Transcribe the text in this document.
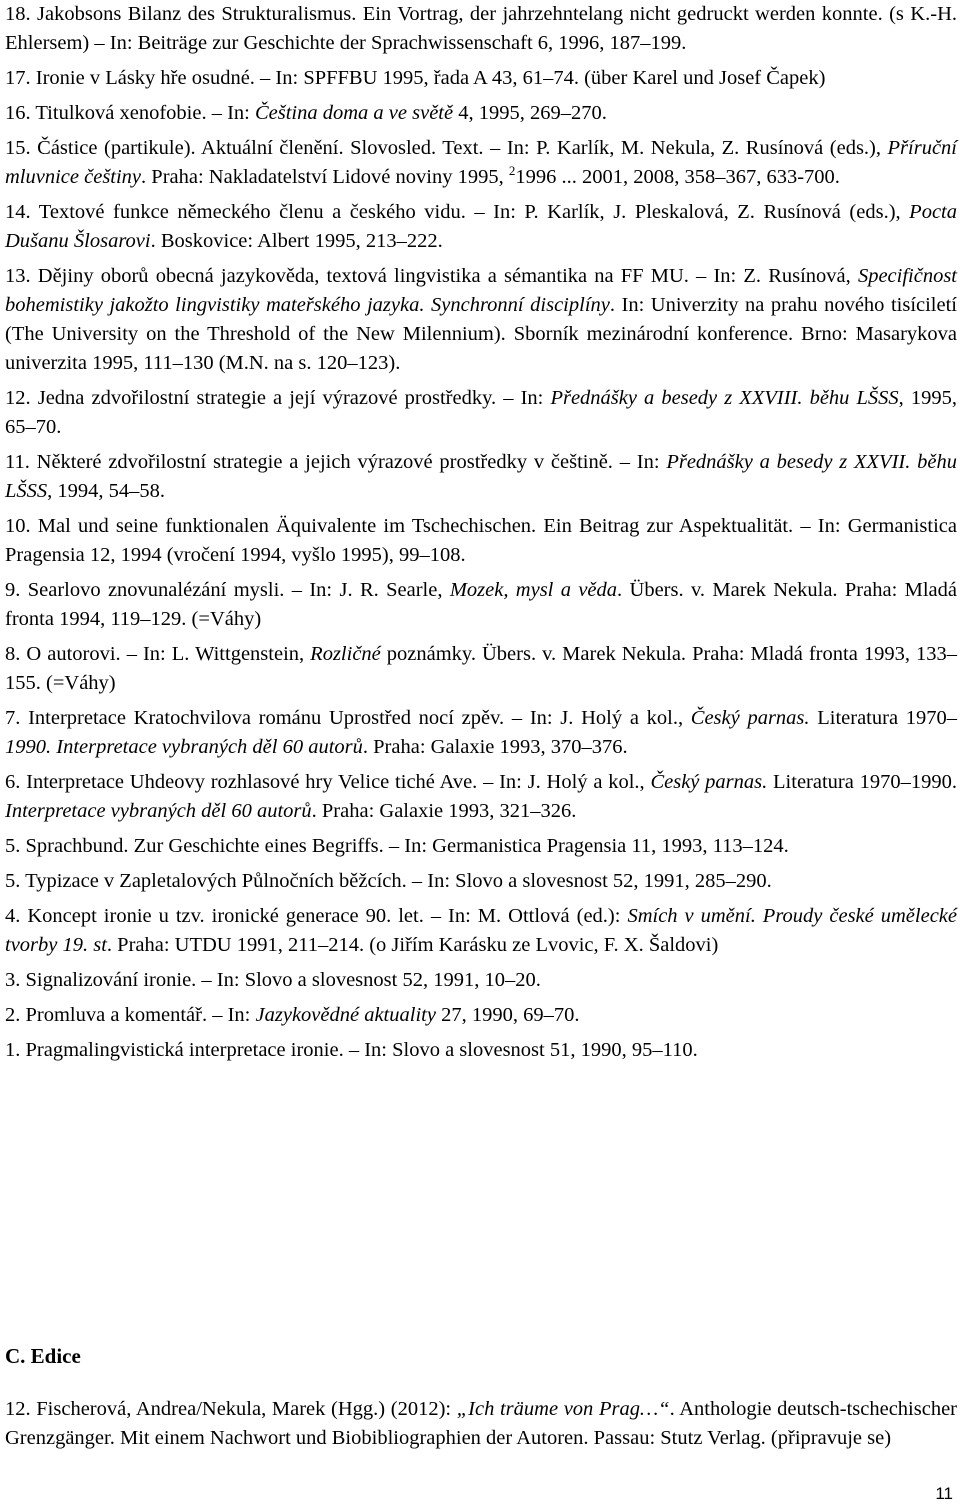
18. Jakobsons Bilanz des Strukturalismus. Ein Vortrag, der jahrzehntelang nicht gedruckt werden konnte. (s K.-H. Ehlersem) – In: Beiträge zur Geschichte der Sprachwissenschaft 6, 1996, 187–199.

17. Ironie v Lásky hře osudné. – In: SPFFBU 1995, řada A 43, 61–74. (über Karel und Josef Čapek)

16. Titulková xenofobie. – In: Čeština doma a ve světě 4, 1995, 269–270.

15. Částice (partikule). Aktuální členění. Slovosled. Text. – In: P. Karlík, M. Nekula, Z. Rusínová (eds.), Příruční mluvnice češtiny. Praha: Nakladatelství Lidové noviny 1995, $^2$1996 ... 2001, 2008, 358–367, 633-700.

14. Textové funkce německého členu a českého vidu. – In: P. Karlík, J. Pleskalová, Z. Rusínová (eds.), Pocta Dušanu Šlosarovi. Boskovice: Albert 1995, 213–222.

13. Dějiny oborů obecná jazykověda, textová lingvistika a sémantika na FF MU. – In: Z. Rusínová, Specifičnost bohemistiky jakožto lingvistiky mateřského jazyka. Synchronní disciplíny. In: Univerzity na prahu nového tisíciletí (The University on the Threshold of the New Milennium). Sborník mezinárodní konference. Brno: Masarykova univerzita 1995, 111–130 (M.N. na s. 120–123).

12. Jedna zdvořilostní strategie a její výrazové prostředky. – In: Přednášky a besedy z XXVIII. běhu LŠSS, 1995, 65–70.

11. Některé zdvořilostní strategie a jejich výrazové prostředky v češtině. – In: Přednášky a besedy z XXVII. běhu LŠSS, 1994, 54–58.

10. Mal und seine funktionalen Äquivalente im Tschechischen. Ein Beitrag zur Aspektualität. – In: Germanistica Pragensia 12, 1994 (vročení 1994, vyšlo 1995), 99–108.

9. Searlovo znovunalézání mysli. – In: J. R. Searle, Mozek, mysl a věda. Übers. v. Marek Nekula. Praha: Mladá fronta 1994, 119–129. (=Váhy)

8. O autorovi. – In: L. Wittgenstein, Rozličné poznámky. Übers. v. Marek Nekula. Praha: Mladá fronta 1993, 133–155. (=Váhy)

7. Interpretace Kratochvilova románu Uprostřed nocí zpěv. – In: J. Holý a kol., Český parnas. Literatura 1970–1990. Interpretace vybraných děl 60 autorů. Praha: Galaxie 1993, 370–376.

6. Interpretace Uhdeovy rozhlasové hry Velice tiché Ave. – In: J. Holý a kol., Český parnas. Literatura 1970–1990. Interpretace vybraných děl 60 autorů. Praha: Galaxie 1993, 321–326.

5. Sprachbund. Zur Geschichte eines Begriffs. – In: Germanistica Pragensia 11, 1993, 113–124.

5. Typizace v Zapletalových Půlnočních běžcích. – In: Slovo a slovesnost 52, 1991, 285–290.

4. Koncept ironie u tzv. ironické generace 90. let. – In: M. Ottlová (ed.): Smích v umění. Proudy české umělecké tvorby 19. st. Praha: UTDU 1991, 211–214. (o Jiřím Karásku ze Lvovic, F. X. Šaldovi)

3. Signalizování ironie. – In: Slovo a slovesnost 52, 1991, 10–20.

2. Promluva a komentář. – In: Jazykovědné aktuality 27, 1990, 69–70.

1. Pragmalingvistická interpretace ironie. – In: Slovo a slovesnost 51, 1990, 95–110.

C. Edice

12. Fischerová, Andrea/Nekula, Marek (Hgg.) (2012): „Ich träume von Prag…“. Anthologie deutsch-tschechischer Grenzgänger. Mit einem Nachwort und Biobibliographien der Autoren. Passau: Stutz Verlag. (připravuje se)

11
